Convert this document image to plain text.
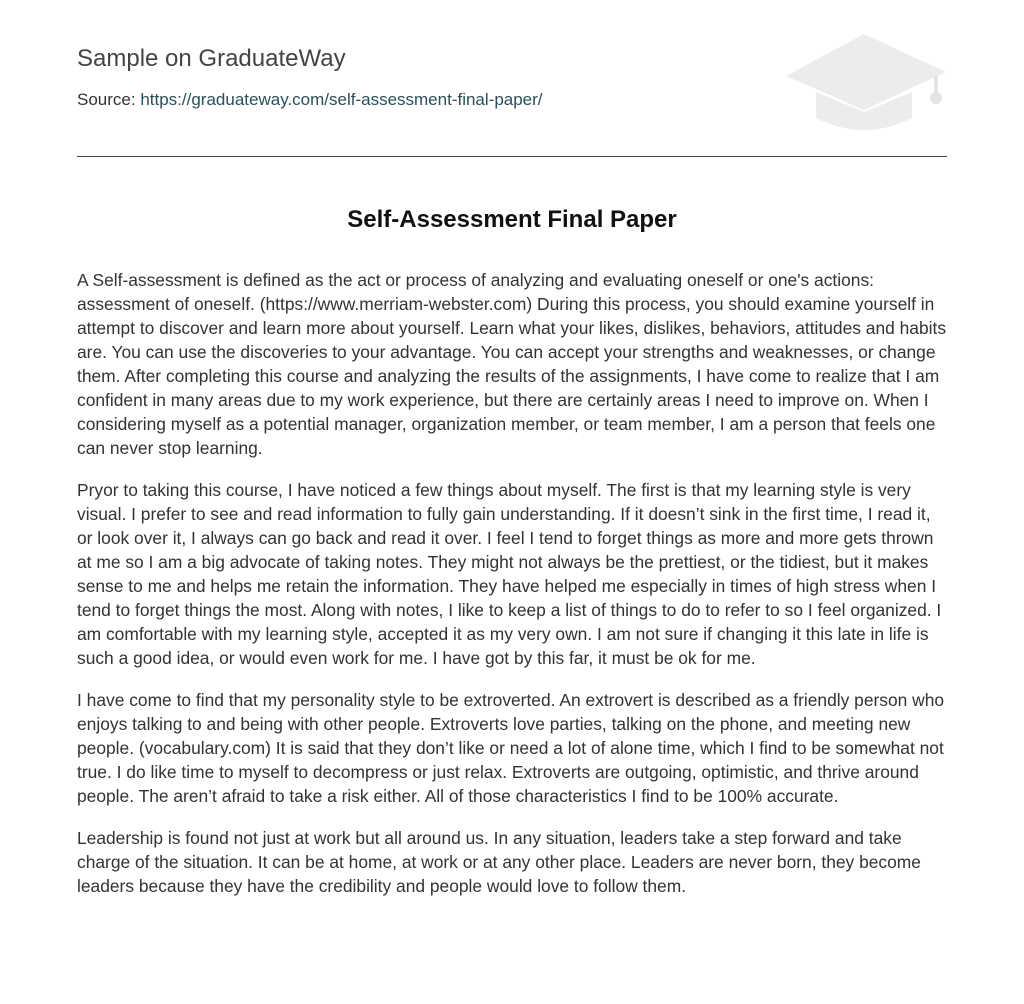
Sample on GraduateWay
Source: https://graduateway.com/self-assessment-final-paper/
Self-Assessment Final Paper

A Self-assessment is defined as the act or process of analyzing and evaluating oneself or one's actions: assessment of oneself. (https://www.merriam-webster.com) During this process, you should examine yourself in attempt to discover and learn more about yourself. Learn what your likes, dislikes, behaviors, attitudes and habits are. You can use the discoveries to your advantage. You can accept your strengths and weaknesses, or change them. After completing this course and analyzing the results of the assignments, I have come to realize that I am confident in many areas due to my work experience, but there are certainly areas I need to improve on. When I considering myself as a potential manager, organization member, or team member, I am a person that feels one can never stop learning.

Pryor to taking this course, I have noticed a few things about myself. The first is that my learning style is very visual. I prefer to see and read information to fully gain understanding. If it doesn’t sink in the first time, I read it, or look over it, I always can go back and read it over. I feel I tend to forget things as more and more gets thrown at me so I am a big advocate of taking notes. They might not always be the prettiest, or the tidiest, but it makes sense to me and helps me retain the information. They have helped me especially in times of high stress when I tend to forget things the most. Along with notes, I like to keep a list of things to do to refer to so I feel organized. I am comfortable with my learning style, accepted it as my very own. I am not sure if changing it this late in life is such a good idea, or would even work for me. I have got by this far, it must be ok for me.

I have come to find that my personality style to be extroverted. An extrovert is described as a friendly person who enjoys talking to and being with other people. Extroverts love parties, talking on the phone, and meeting new people. (vocabulary.com) It is said that they don’t like or need a lot of alone time, which I find to be somewhat not true. I do like time to myself to decompress or just relax. Extroverts are outgoing, optimistic, and thrive around people. The aren’t afraid to take a risk either. All of those characteristics I find to be 100% accurate.

Leadership is found not just at work but all around us. In any situation, leaders take a step forward and take charge of the situation. It can be at home, at work or at any other place. Leaders are never born, they become leaders because they have the credibility and people would love to follow them.
